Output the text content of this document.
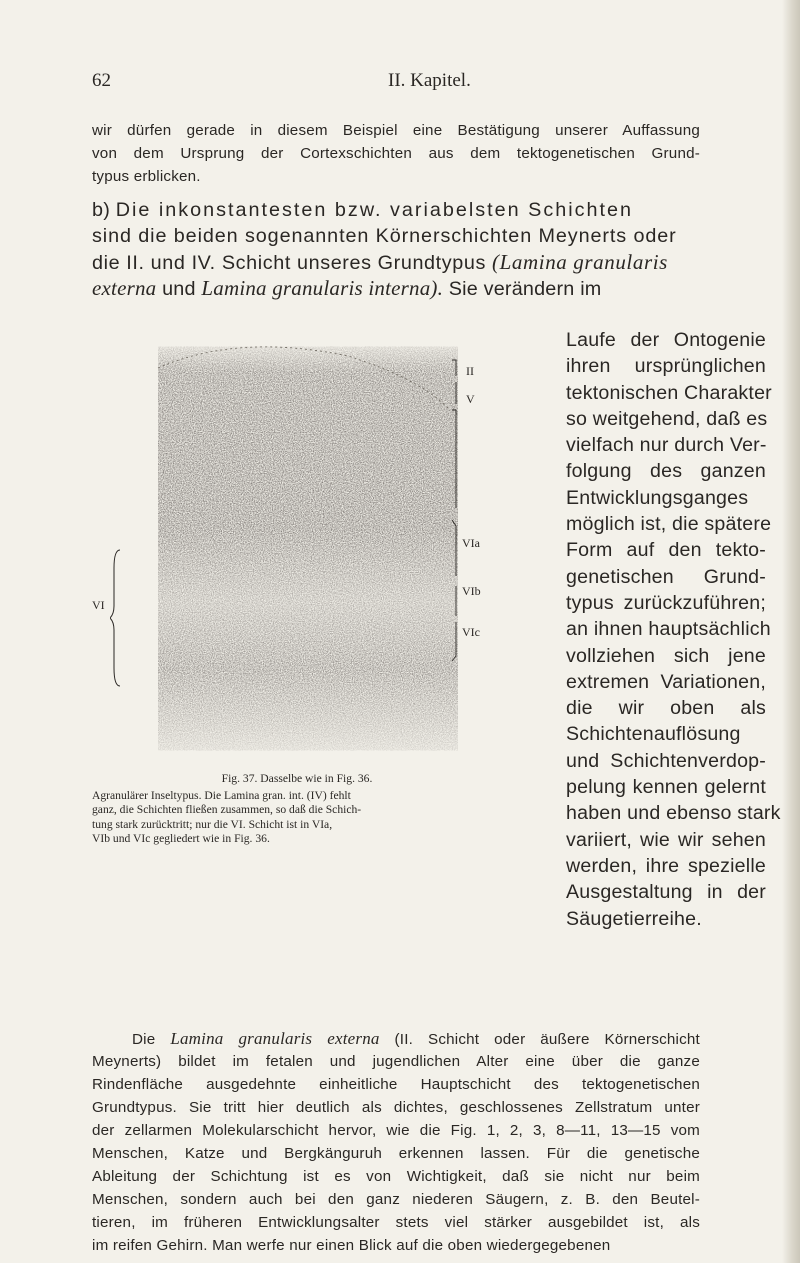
62	II. Kapitel.

wir dürfen gerade in diesem Beispiel eine Bestätigung unserer Auffassung

von dem Ursprung der Cortexschichten aus dem tektogenetischen Grund-

typus erblicken.

b) Die inkonstantesten bzw. variabelsten Schichten

sind die beiden sogenannten Körnerschichten Meynerts oder

die II. und IV. Schicht unseres Grundtypus (Lamina granularis

externa und Lamina granularis interna). Sie verändern im

Laufe der Ontogenie
ihren ursprünglichen
tektonischen Charakter
so weitgehend, daß es
vielfach nur durch Ver-
folgung des ganzen
Entwicklungsganges
möglich ist, die spätere
Form auf den tekto-
genetischen Grund-
typus zurückzuführen;
an ihnen hauptsächlich
vollziehen sich jene
extremen Variationen,
die wir oben als
Schichtenauflösung
und Schichtenverdop-
pelung kennen gelernt
haben und ebenso stark
variiert, wie wir sehen
werden, ihre spezielle
Ausgestaltung in der
Säugetierreihe.
II
V
VIa
VIb
VIc
VI
Fig. 37. Dasselbe wie in Fig. 36.
Agranulärer Inseltypus. Die Lamina gran. int. (IV) fehlt
ganz, die Schichten fließen zusammen, so daß die Schich-
tung stark zurücktritt; nur die VI. Schicht ist in VIa,
VIb und VIc gegliedert wie in Fig. 36.

Die Lamina granularis externa (II. Schicht oder äußere Körnerschicht

Meynerts) bildet im fetalen und jugendlichen Alter eine über die ganze

Rindenfläche ausgedehnte einheitliche Hauptschicht des tektogenetischen

Grundtypus. Sie tritt hier deutlich als dichtes, geschlossenes Zellstratum unter

der zellarmen Molekularschicht hervor, wie die Fig. 1, 2, 3, 8—11, 13—15 vom

Menschen, Katze und Bergkänguruh erkennen lassen. Für die genetische

Ableitung der Schichtung ist es von Wichtigkeit, daß sie nicht nur beim

Menschen, sondern auch bei den ganz niederen Säugern, z. B. den Beutel-

tieren, im früheren Entwicklungsalter stets viel stärker ausgebildet ist, als

im reifen Gehirn. Man werfe nur einen Blick auf die oben wiedergegebenen
